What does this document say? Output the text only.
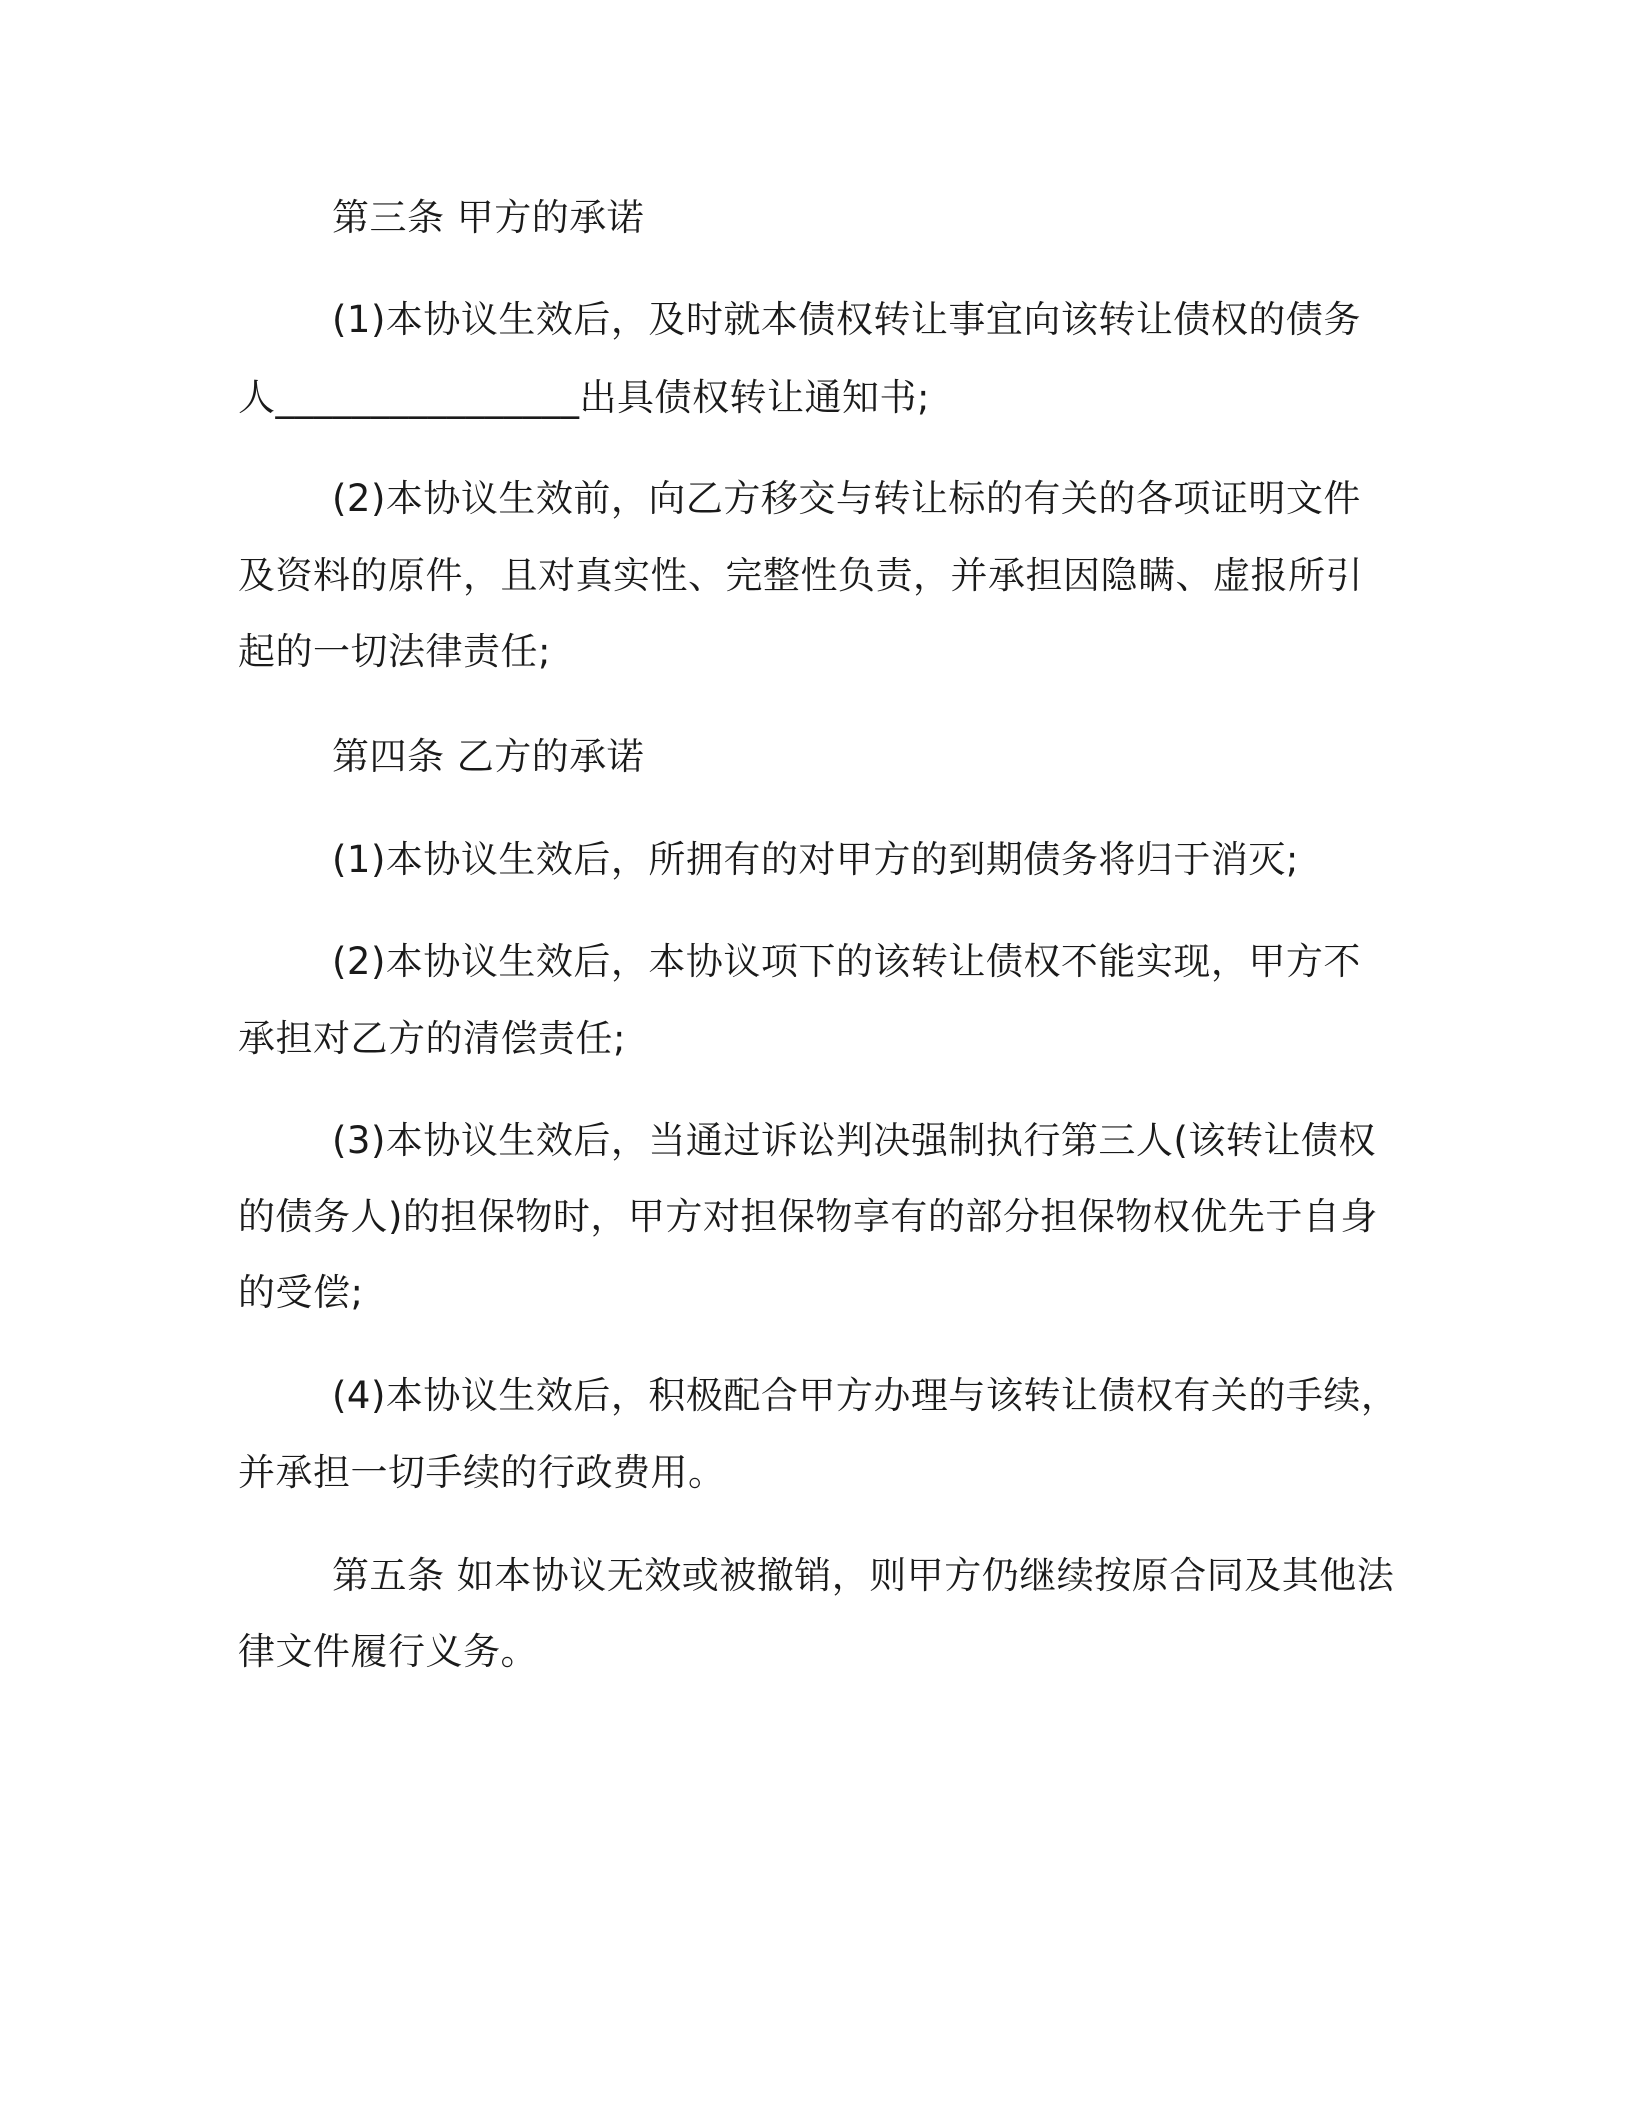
第三条 甲方的承诺
(1)本协议生效后，及时就本债权转让事宜向该转让债权的债务
人________________出具债权转让通知书;
(2)本协议生效前，向乙方移交与转让标的有关的各项证明文件
及资料的原件，且对真实性、完整性负责，并承担因隐瞒、虚报所引
起的一切法律责任;
第四条 乙方的承诺
(1)本协议生效后，所拥有的对甲方的到期债务将归于消灭;
(2)本协议生效后，本协议项下的该转让债权不能实现，甲方不
承担对乙方的清偿责任;
(3)本协议生效后，当通过诉讼判决强制执行第三人(该转让债权
的债务人)的担保物时，甲方对担保物享有的部分担保物权优先于自身
的受偿;
(4)本协议生效后，积极配合甲方办理与该转让债权有关的手续，
并承担一切手续的行政费用。
第五条 如本协议无效或被撤销，则甲方仍继续按原合同及其他法
律文件履行义务。
